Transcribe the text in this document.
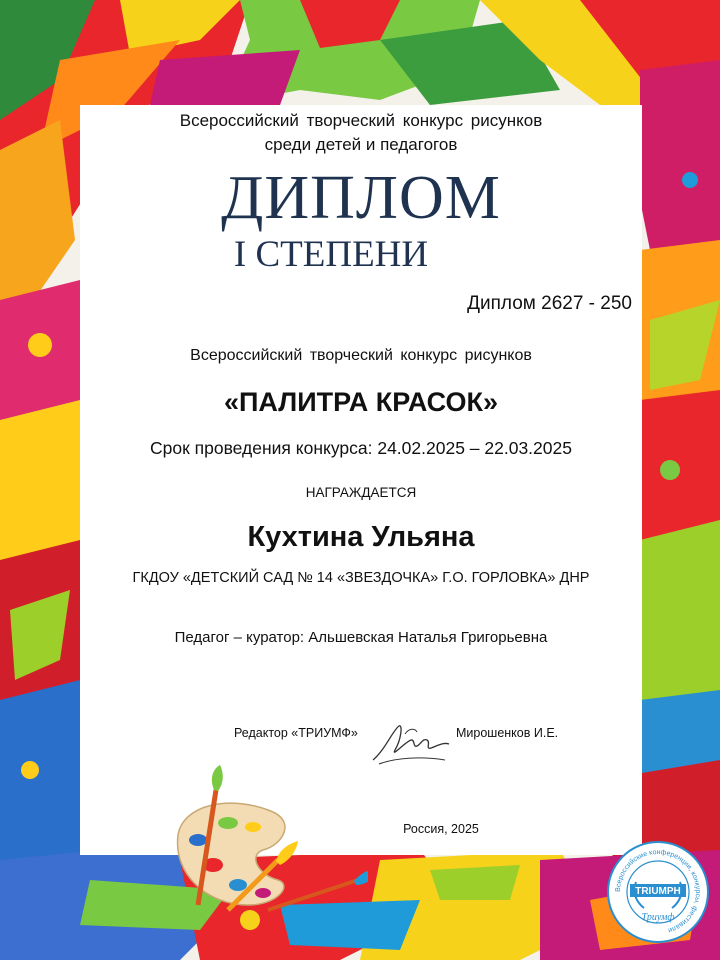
Всероссийский творческий конкурс рисунков
среди детей и педагогов
ДИПЛОМ
I СТЕПЕНИ
Диплом 2627 - 250
Всероссийский творческий конкурс рисунков
«ПАЛИТРА КРАСОК»
Срок проведения конкурса: 24.02.2025 – 22.03.2025
НАГРАЖДАЕТСЯ
Кухтина Ульяна
ГКДОУ «ДЕТСКИЙ САД № 14 «ЗВЕЗДОЧКА» Г.О. ГОРЛОВКА» ДНР
Педагог – куратор: Альшевская Наталья Григорьевна
Редактор «ТРИУМФ»	Мирошенков И.Е.
Россия, 2025
Всероссийские конференции, конкурсы, фестивали
TRIUMPH
Триумф
